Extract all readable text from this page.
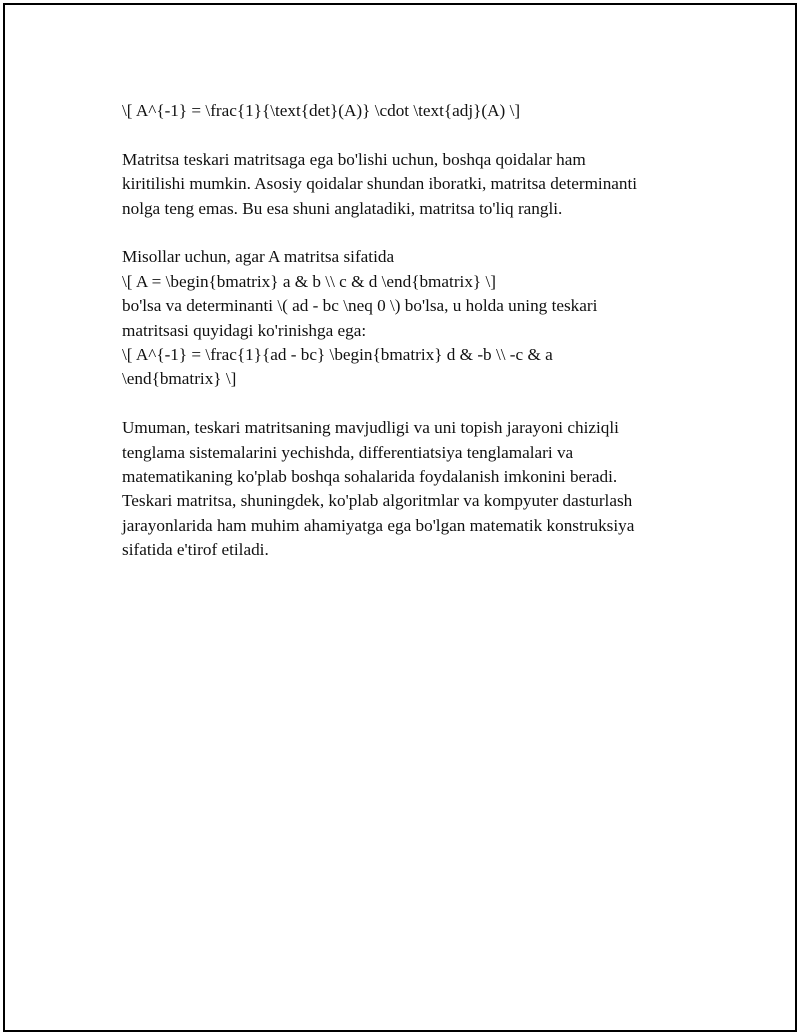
\[ A^{-1} = \frac{1}{\text{det}(A)} \cdot \text{adj}(A) \]

Matritsa teskari matritsaga ega bo'lishi uchun, boshqa qoidalar ham
kiritilishi mumkin. Asosiy qoidalar shundan iboratki, matritsa determinanti
nolga teng emas. Bu esa shuni anglatadiki, matritsa to'liq rangli.

Misollar uchun, agar A matritsa sifatida
\[ A = \begin{bmatrix} a & b \\ c & d \end{bmatrix} \]
bo'lsa va determinanti \( ad - bc \neq 0 \) bo'lsa, u holda uning teskari
matritsasi quyidagi ko'rinishga ega:
\[ A^{-1} = \frac{1}{ad - bc} \begin{bmatrix} d & -b \\ -c & a
\end{bmatrix} \]

Umuman, teskari matritsaning mavjudligi va uni topish jarayoni chiziqli
tenglama sistemalarini yechishda, differentiatsiya tenglamalari va
matematikaning ko'plab boshqa sohalarida foydalanish imkonini beradi.
Teskari matritsa, shuningdek, ko'plab algoritmlar va kompyuter dasturlash
jarayonlarida ham muhim ahamiyatga ega bo'lgan matematik konstruksiya
sifatida e'tirof etiladi.
